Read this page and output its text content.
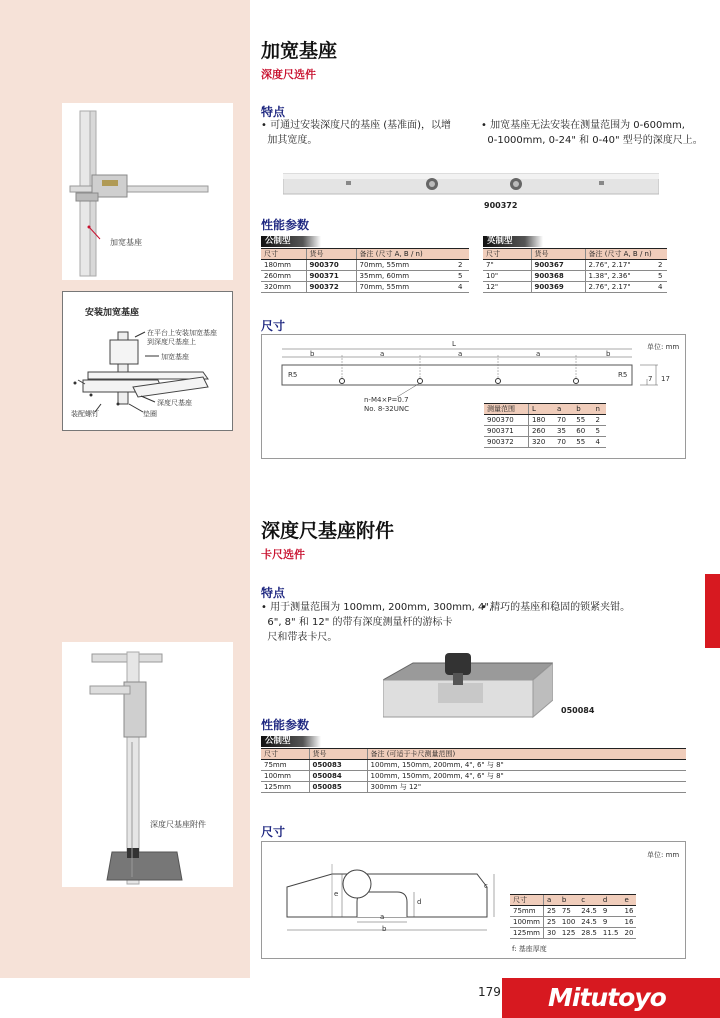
加宽基座
安装加宽基座
在平台上安装加宽基座
到深度尺基座上
加宽基座
深度尺基座
装配螺钉	垫圈
加宽基座
深度尺选件
特点
• 可通过安装深度尺的基座 (基准面)，以增
加其宽度。
• 加宽基座无法安装在测量范围为 0-600mm,
0-1000mm, 0-24" 和 0-40" 型号的深度尺上。
900372
性能参数
公制型	英制型
尺寸	货号	备注 (尺寸 A, B / n)	
180mm	900370	70mm, 55mm	2
260mm	900371	35mm, 60mm	5
320mm	900372	70mm, 55mm	4
尺寸	货号	备注 (尺寸 A, B / n)	
7"	900367	2.76", 2.17"	2
10"	900368	1.38", 2.36"	5
12"	900369	2.76", 2.17"	4
尺寸
单位: mm
L
b	a	a	a	b
R5	R5	7 17
n-M4×P=0.7
No. 8-32UNC	测量范围	L	a	b	n
900370	180	70	55	2
900371	260	35	60	5
900372	320	70	55	4
深度尺基座附件
深度尺基座附件
卡尺选件
特点
• 用于测量范围为 100mm, 200mm, 300mm, 4",
6", 8" 和 12" 的带有深度测量杆的游标卡
尺和带表卡尺。
• 精巧的基座和稳固的锁紧夹钳。
050084
性能参数
公制型
尺寸	货号	备注 (可适于卡尺测量范围)
75mm	050083	100mm, 150mm, 200mm, 4", 6" 与 8"
100mm	050084	100mm, 150mm, 200mm, 4", 6" 与 8"
125mm	050085	300mm 与 12"
尺寸
单位: mm
a
b
c
d
e
尺寸	a	b	c	d	e
75mm	25	75	24.5	9	16
100mm	25	100	24.5	9	16
125mm	30	125	28.5	11.5	20
f: 基座厚度
179 Mitutoyo
